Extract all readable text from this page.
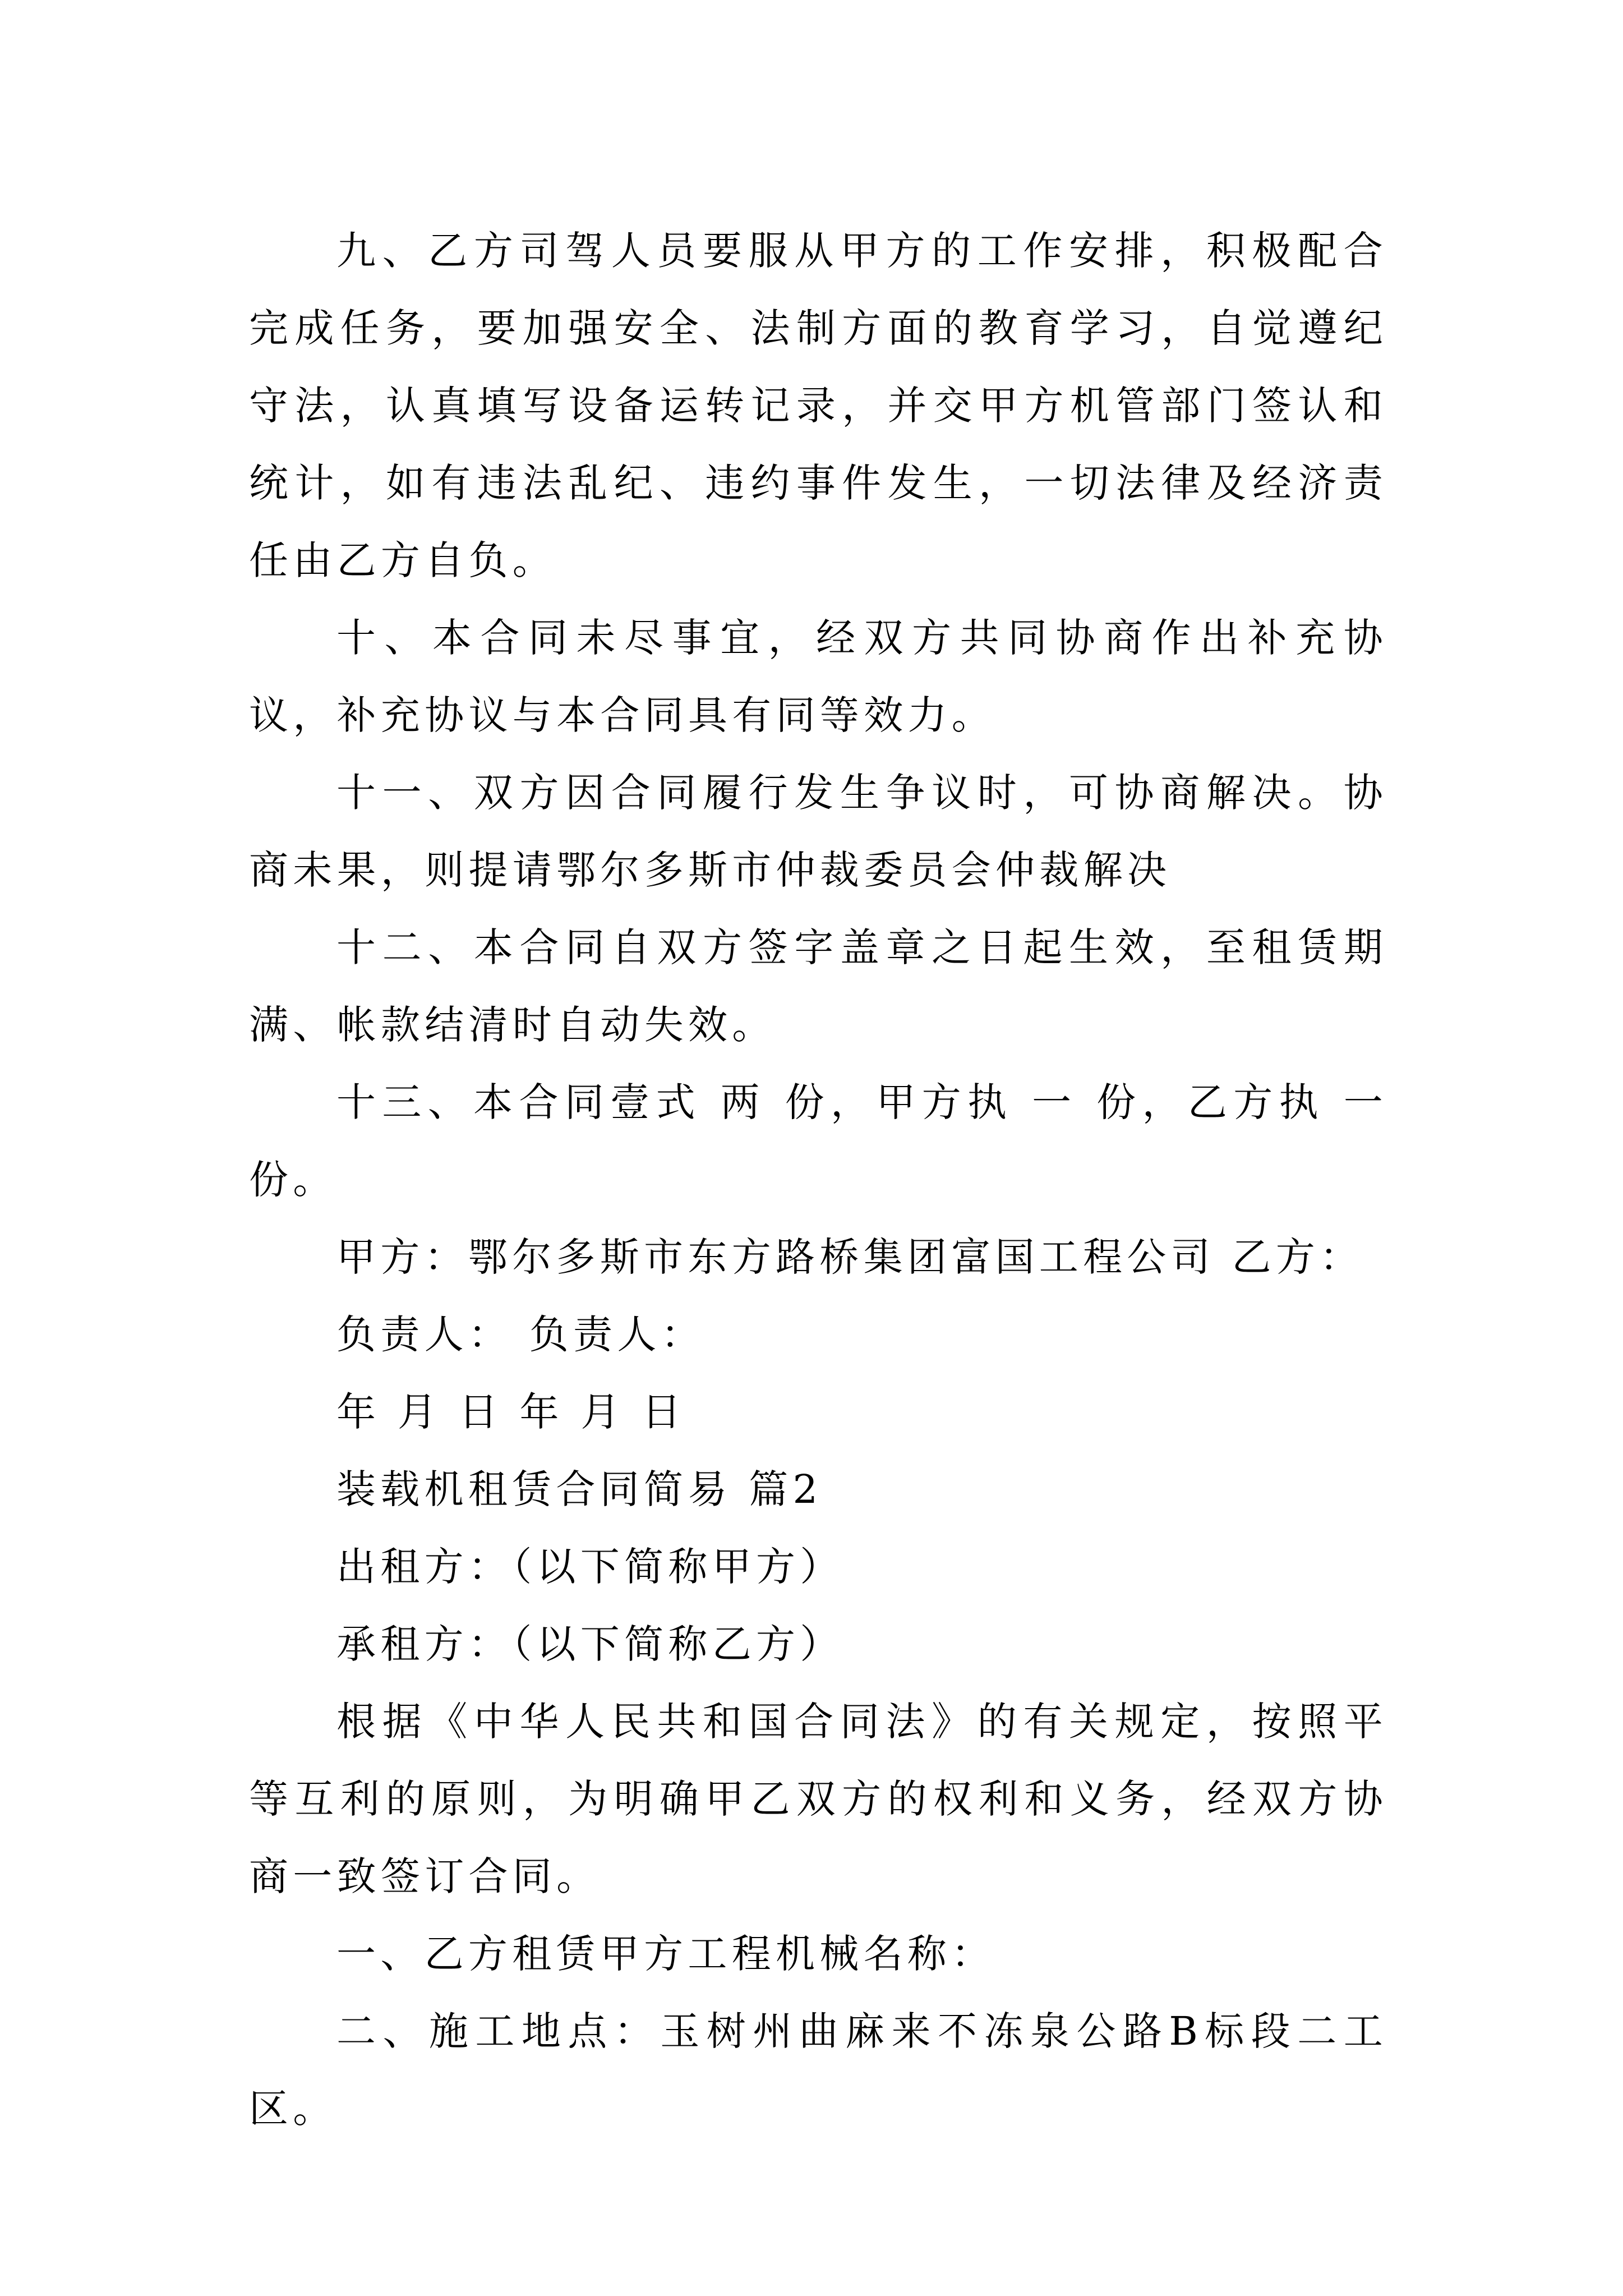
九、乙方司驾人员要服从甲方的工作安排，积极配合完成任务，要加强安全、法制方面的教育学习，自觉遵纪守法，认真填写设备运转记录，并交甲方机管部门签认和统计，如有违法乱纪、违约事件发生，一切法律及经济责任由乙方自负。

十、本合同未尽事宜，经双方共同协商作出补充协议，补充协议与本合同具有同等效力。

十一、双方因合同履行发生争议时，可协商解决。协商未果，则提请鄂尔多斯市仲裁委员会仲裁解决

十二、本合同自双方签字盖章之日起生效，至租赁期满、帐款结清时自动失效。

十三、本合同壹式 两 份，甲方执 一 份，乙方执 一 份。

甲方：鄂尔多斯市东方路桥集团富国工程公司 乙方：

负责人： 负责人：

年 月 日 年 月 日

装载机租赁合同简易 篇2

出租方：（以下简称甲方）

承租方：（以下简称乙方）

根据《中华人民共和国合同法》的有关规定，按照平等互利的原则，为明确甲乙双方的权利和义务，经双方协商一致签订合同。

一、乙方租赁甲方工程机械名称：

二、施工地点：玉树州曲麻来不冻泉公路B标段二工区。
